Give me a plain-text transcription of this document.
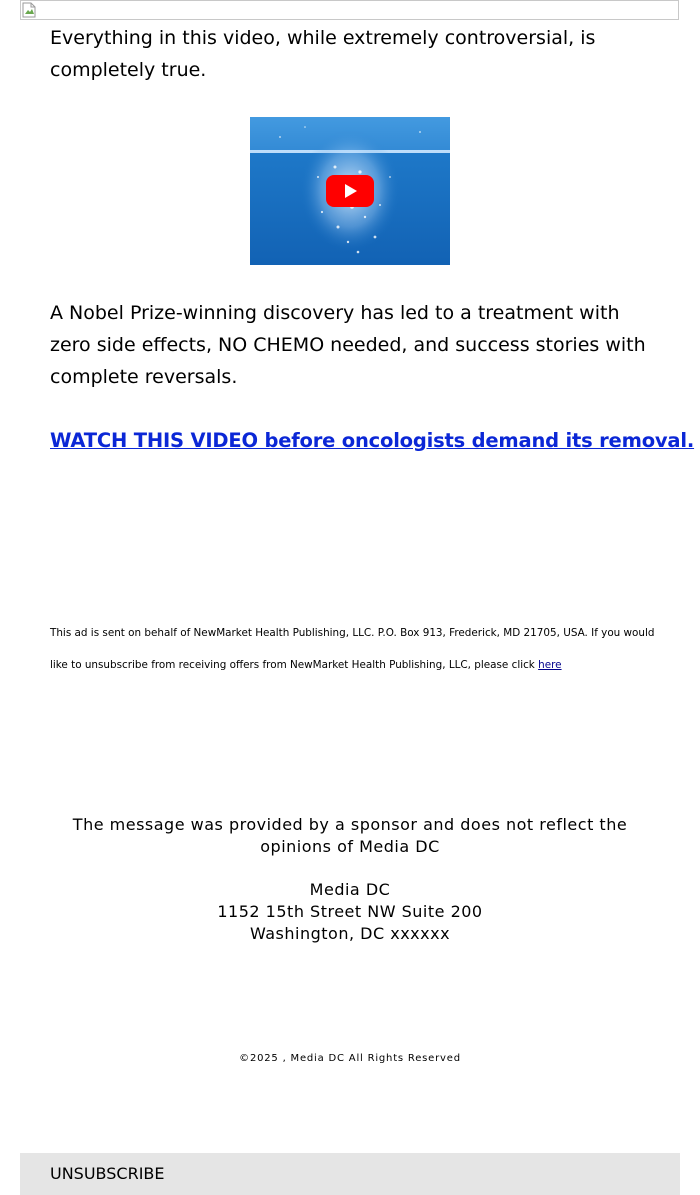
Everything in this video, while extremely controversial, is completely true.

A Nobel Prize-winning discovery has led to a treatment with zero side effects, NO CHEMO needed, and success stories with complete reversals.

WATCH THIS VIDEO before oncologists demand its removal.

This ad is sent on behalf of NewMarket Health Publishing, LLC. P.O. Box 913, Frederick, MD 21705, USA. If you would like to unsubscribe from receiving offers from NewMarket Health Publishing, LLC, please click here

The message was provided by a sponsor and does not reflect the opinions of Media DC

Media DC
1152 15th Street NW Suite 200
Washington, DC xxxxxx
©2025 , Media DC All Rights Reserved
UNSUBSCRIBE
